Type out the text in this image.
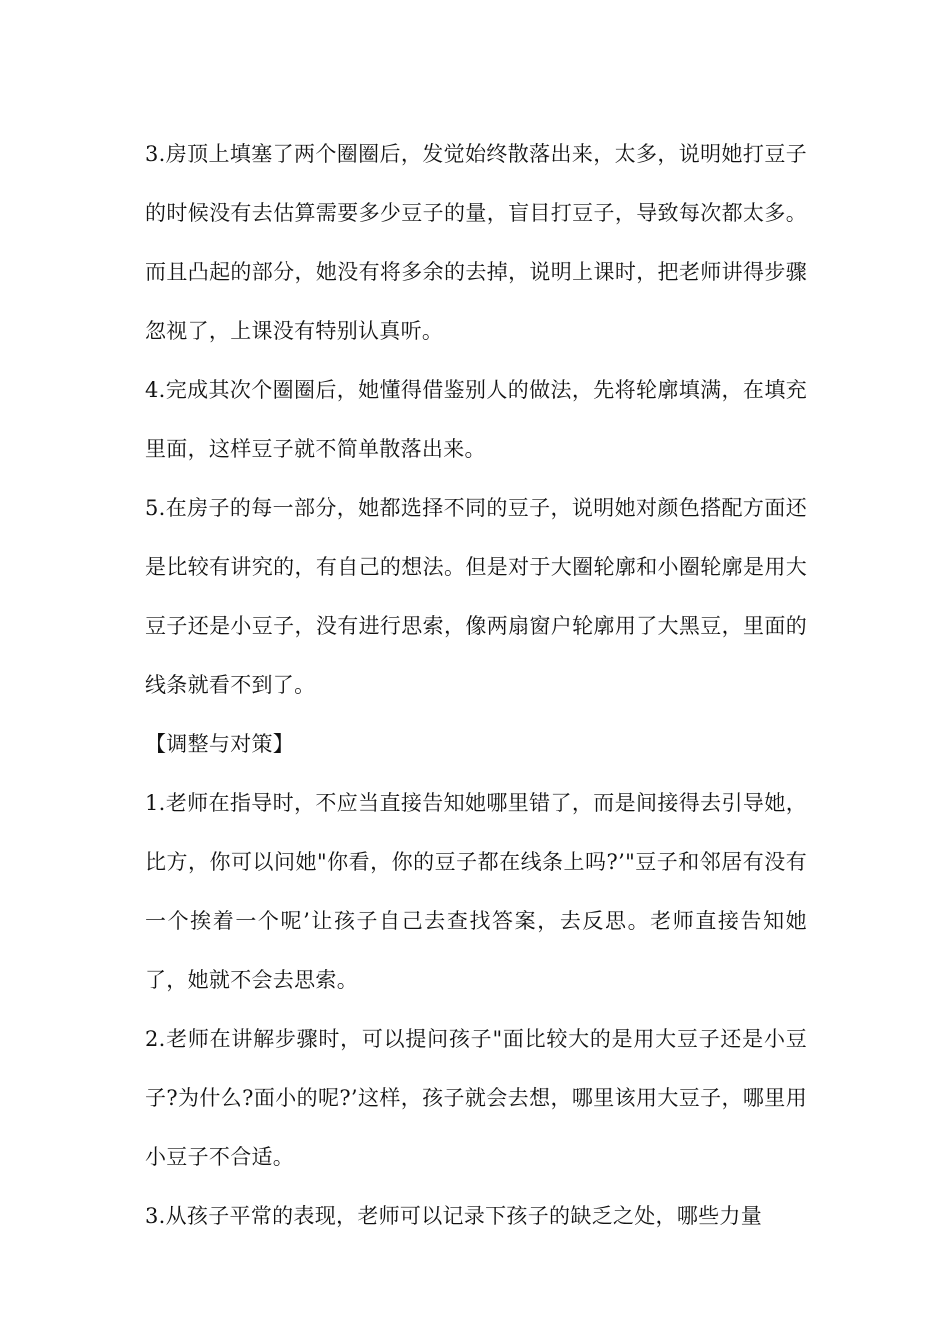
3.房顶上填塞了两个圈圈后，发觉始终散落出来，太多，说明她打豆子的时候没有去估算需要多少豆子的量，盲目打豆子，导致每次都太多。而且凸起的部分，她没有将多余的去掉，说明上课时，把老师讲得步骤忽视了，上课没有特别认真听。

4.完成其次个圈圈后，她懂得借鉴别人的做法，先将轮廓填满，在填充里面，这样豆子就不简单散落出来。

5.在房子的每一部分，她都选择不同的豆子，说明她对颜色搭配方面还是比较有讲究的，有自己的想法。但是对于大圈轮廓和小圈轮廓是用大豆子还是小豆子，没有进行思索，像两扇窗户轮廓用了大黑豆，里面的线条就看不到了。

【调整与对策】

1.老师在指导时，不应当直接告知她哪里错了，而是间接得去引导她，比方，你可以问她"你看，你的豆子都在线条上吗?’"豆子和邻居有没有一个挨着一个呢’让孩子自己去查找答案，去反思。老师直接告知她了，她就不会去思索。

2.老师在讲解步骤时，可以提问孩子"面比较大的是用大豆子还是小豆子?为什么?面小的呢?’这样，孩子就会去想，哪里该用大豆子，哪里用小豆子不合适。

3.从孩子平常的表现，老师可以记录下孩子的缺乏之处，哪些力量
